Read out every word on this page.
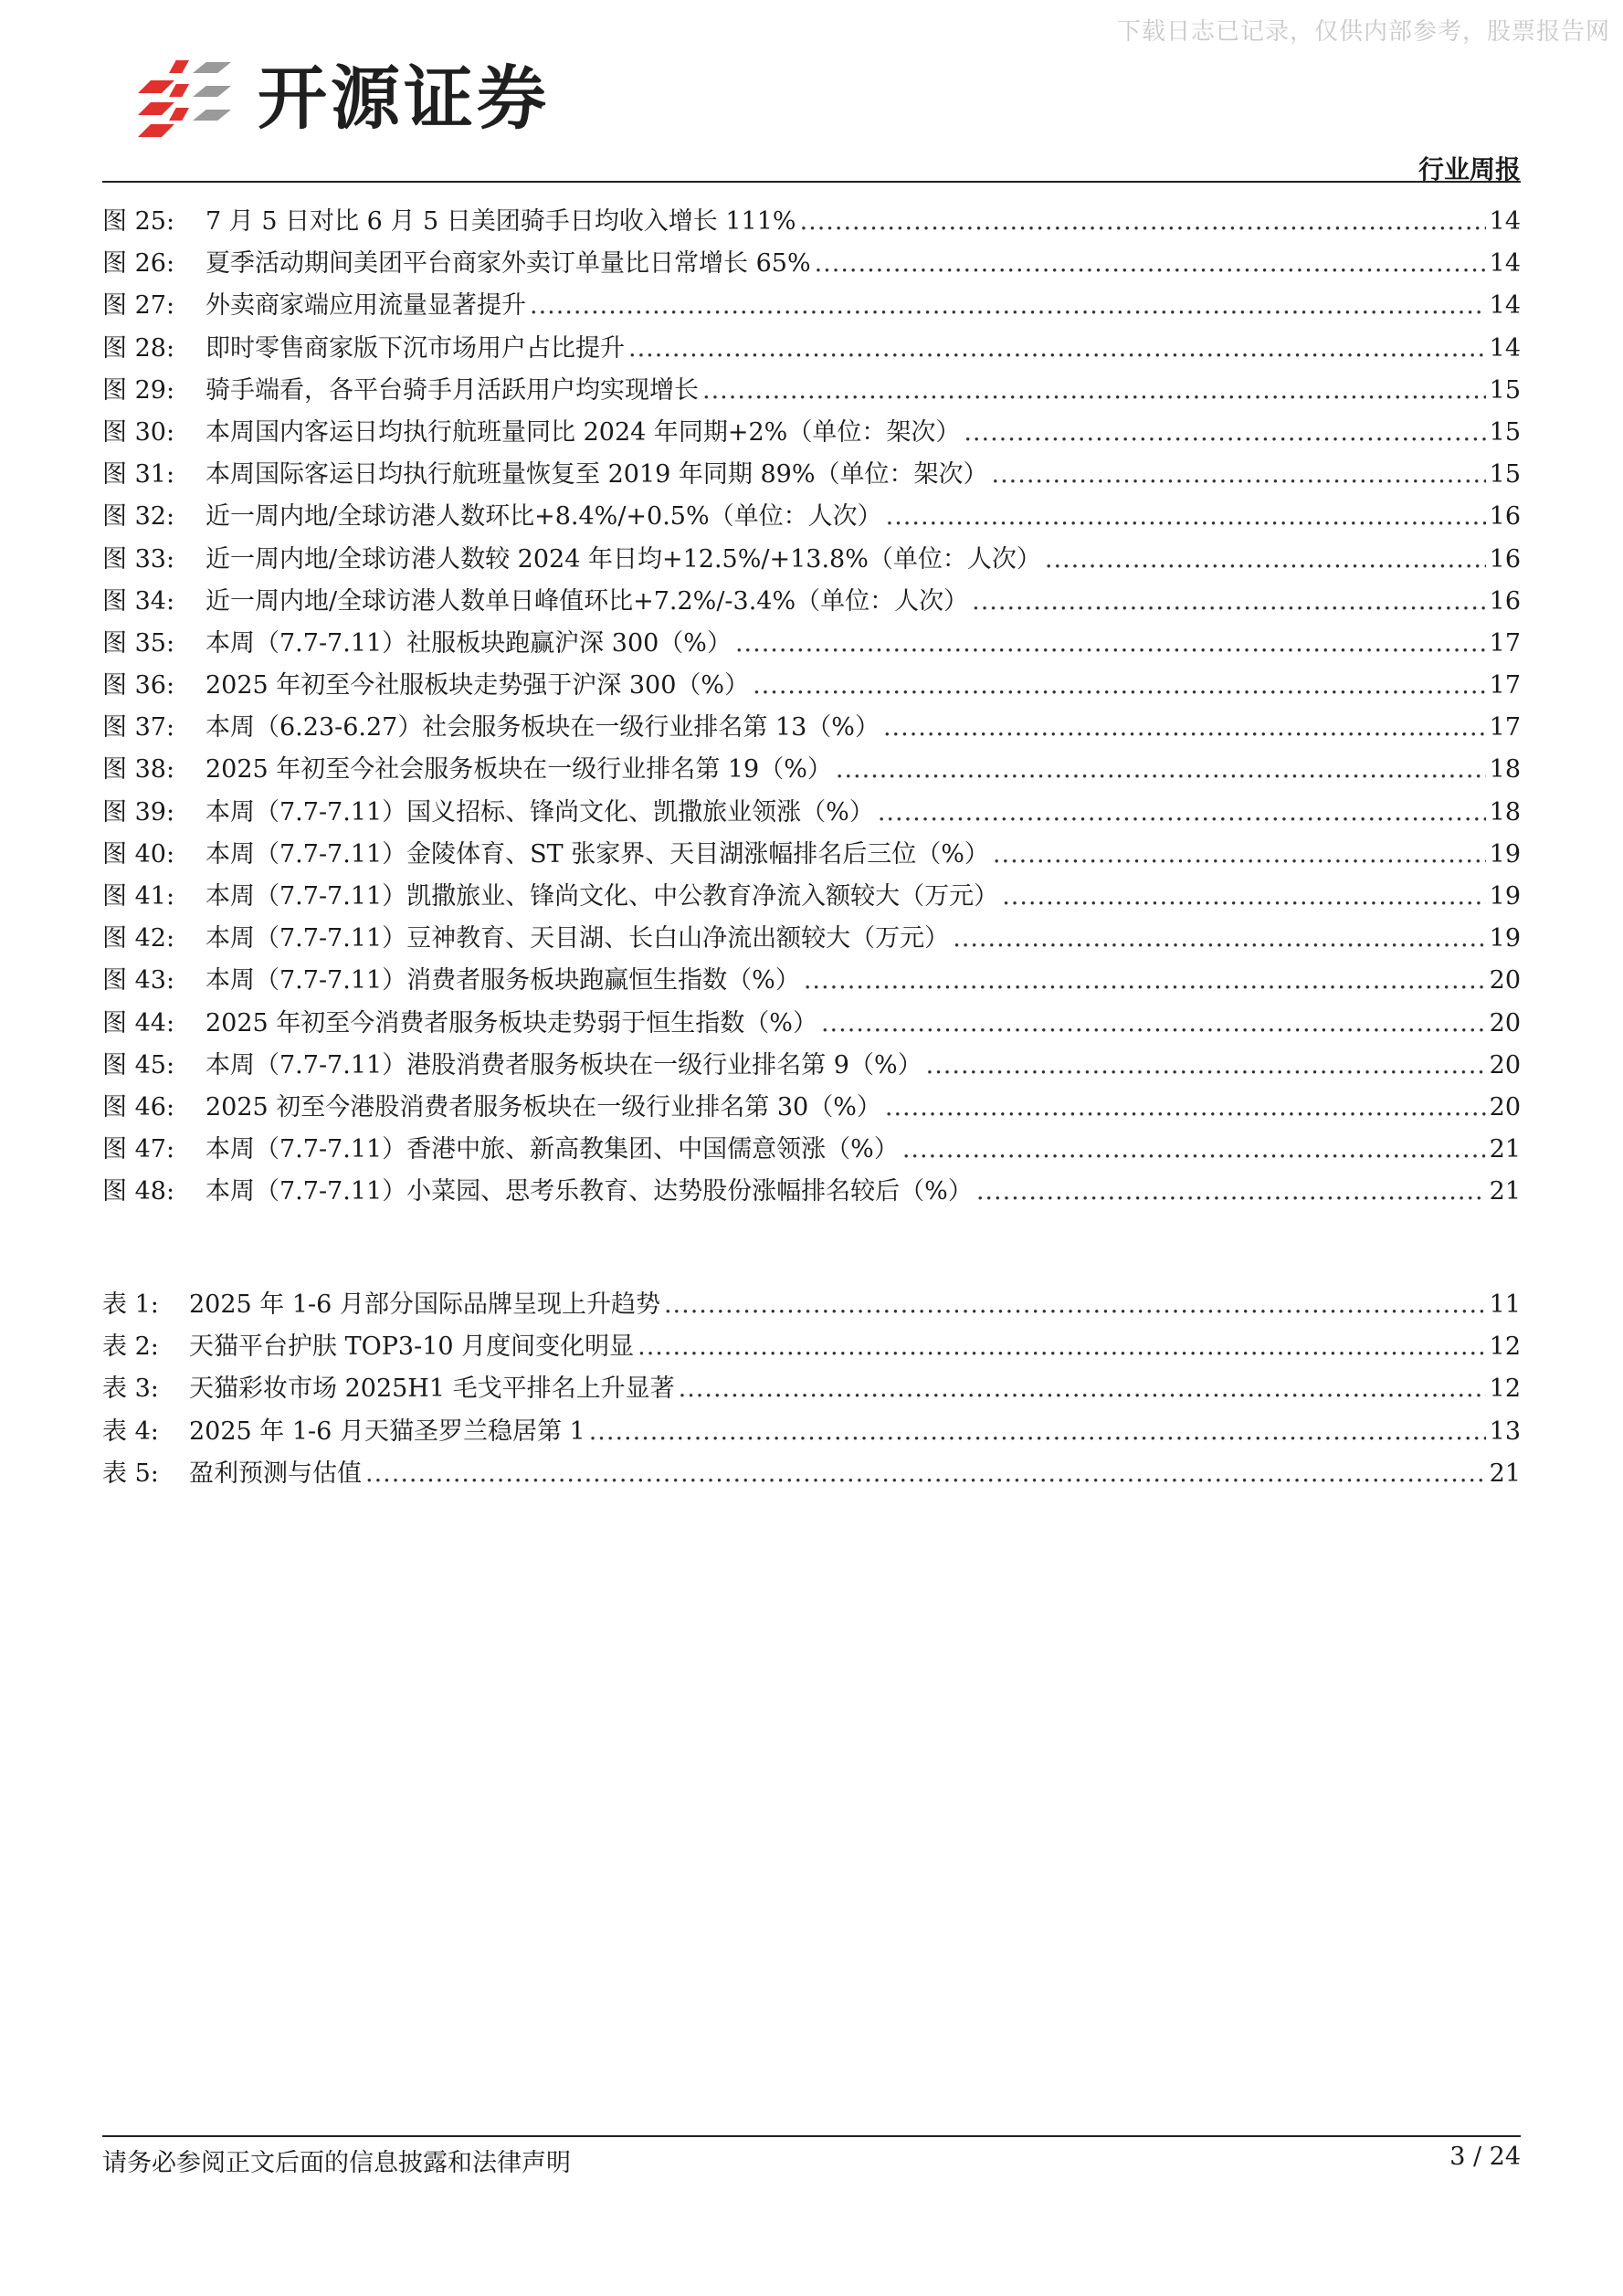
下载日志已记录，仅供内部参考，股票报告网
开源证券
行业周报
图 25:	7 月 5 日对比 6 月 5 日美团骑手日均收入增长 111% .....	14
图 26:	夏季活动期间美团平台商家外卖订单量比日常增长 65% .....	14
图 27:	外卖商家端应用流量显著提升 .....	14
图 28:	即时零售商家版下沉市场用户占比提升 .....	14
图 29:	骑手端看，各平台骑手月活跃用户均实现增长 .....	15
图 30:	本周国内客运日均执行航班量同比 2024 年同期+2%（单位：架次） .....	15
图 31:	本周国际客运日均执行航班量恢复至 2019 年同期 89%（单位：架次） .....	15
图 32:	近一周内地/全球访港人数环比+8.4%/+0.5%（单位：人次） .....	16
图 33:	近一周内地/全球访港人数较 2024 年日均+12.5%/+13.8%（单位：人次） .....	16
图 34:	近一周内地/全球访港人数单日峰值环比+7.2%/-3.4%（单位：人次） .....	16
图 35:	本周（7.7-7.11）社服板块跑赢沪深 300（%） .....	17
图 36:	2025 年初至今社服板块走势强于沪深 300（%） .....	17
图 37:	本周（6.23-6.27）社会服务板块在一级行业排名第 13（%） .....	17
图 38:	2025 年初至今社会服务板块在一级行业排名第 19（%） .....	18
图 39:	本周（7.7-7.11）国义招标、锋尚文化、凯撒旅业领涨（%） .....	18
图 40:	本周（7.7-7.11）金陵体育、ST 张家界、天目湖涨幅排名后三位（%） .....	19
图 41:	本周（7.7-7.11）凯撒旅业、锋尚文化、中公教育净流入额较大（万元） .....	19
图 42:	本周（7.7-7.11）豆神教育、天目湖、长白山净流出额较大（万元） .....	19
图 43:	本周（7.7-7.11）消费者服务板块跑赢恒生指数（%） .....	20
图 44:	2025 年初至今消费者服务板块走势弱于恒生指数（%） .....	20
图 45:	本周（7.7-7.11）港股消费者服务板块在一级行业排名第 9（%） .....	20
图 46:	2025 初至今港股消费者服务板块在一级行业排名第 30（%） .....	20
图 47:	本周（7.7-7.11）香港中旅、新高教集团、中国儒意领涨（%） .....	21
图 48:	本周（7.7-7.11）小菜园、思考乐教育、达势股份涨幅排名较后（%） .....	21
表 1:	2025 年 1-6 月部分国际品牌呈现上升趋势 .....	11
表 2:	天猫平台护肤 TOP3-10 月度间变化明显 .....	12
表 3:	天猫彩妆市场 2025H1 毛戈平排名上升显著 .....	12
表 4:	2025 年 1-6 月天猫圣罗兰稳居第 1 .....	13
表 5:	盈利预测与估值 .....	21
请务必参阅正文后面的信息披露和法律声明	3 / 24
